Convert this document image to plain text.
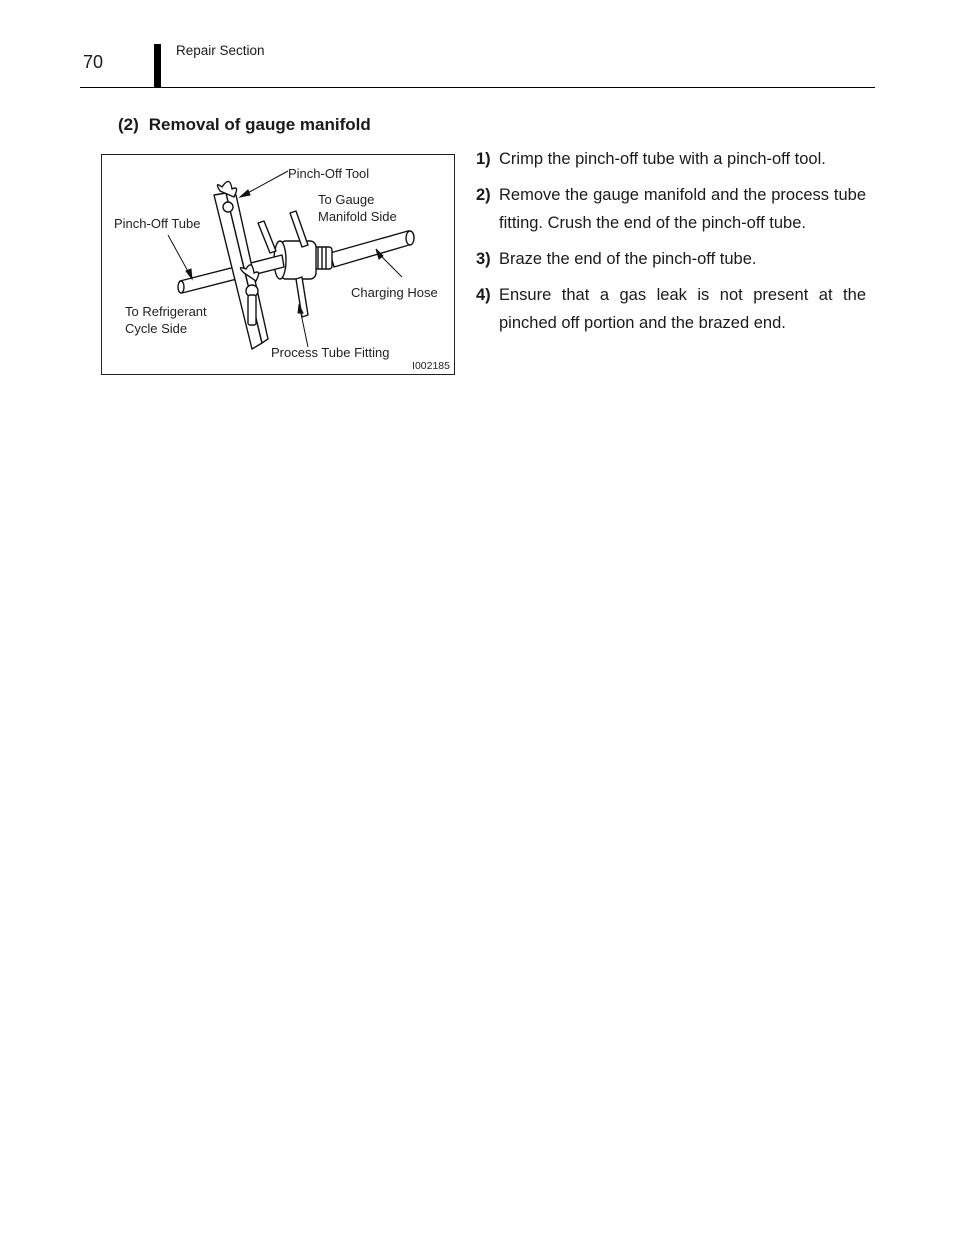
70
Repair Section
(2) Removal of gauge manifold
Pinch-Off Tool
To Gauge
Manifold Side
Pinch-Off Tube
Charging Hose
To Refrigerant
Cycle Side
Process Tube Fitting
I002185
1) Crimp the pinch-off tube with a pinch-off tool.
2) Remove the gauge manifold and the process tube fitting. Crush the end of the pinch-off tube.
3) Braze the end of the pinch-off tube.
4) Ensure that a gas leak is not present at the pinched off portion and the brazed end.
